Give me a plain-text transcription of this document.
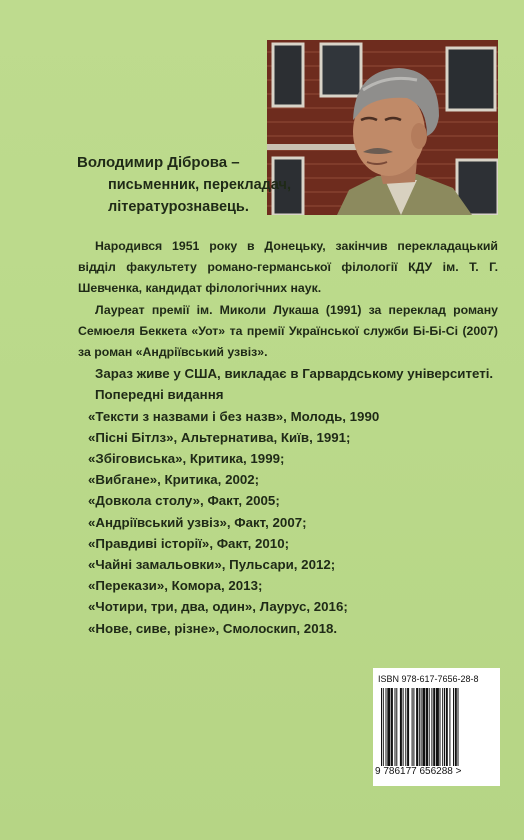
Володимир Діброва –
письменник, перекладач,
літературознавець.

Народився 1951 року в Донецьку, закінчив перекладацький відділ факультету романо-германської філології КДУ ім. Т. Г. Шевченка, кандидат філологічних наук.

Лауреат премії ім. Миколи Лукаша (1991) за переклад роману Семюеля Беккета «Уот» та премії Української служби Бі-Бі-Сі (2007) за роман «Андріївський узвіз».

Зараз живе у США, викладає в Гарвардському університеті.

Попередні видання

«Тексти з назвами і без назв», Молодь, 1990
«Пісні Бітлз», Альтернатива, Київ, 1991;
«Збіговиська», Критика, 1999;
«Вибгане», Критика, 2002;
«Довкола столу», Факт, 2005;
«Андріївський узвіз», Факт, 2007;
«Правдиві історії», Факт, 2010;
«Чайні замальовки», Пульсари, 2012;
«Перекази», Комора, 2013;
«Чотири, три, два, один», Лаурус, 2016;
«Нове, сиве, різне», Смолоскип, 2018.
ISBN 978-617-7656-28-8
9 786177 656288 >
